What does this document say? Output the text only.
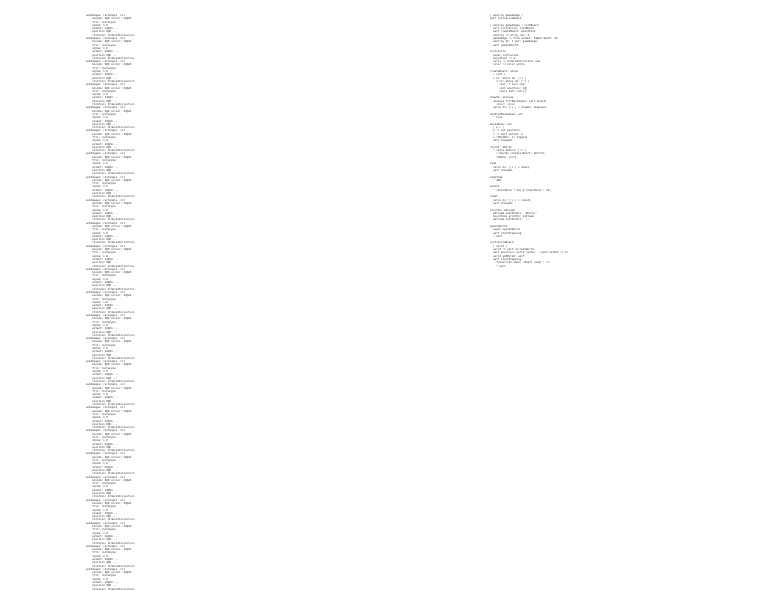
subImages: rectangle  nil
bounds: 0@0 corner: 24@24
fill: rectangle
alpha: 1.0
extent: 24@24 ...
position 0@0 ...
children: OrderedCollection
subImages: rectangle  nil
bounds: 0@0 corner: 24@24
fill: rectangle
alpha: 1.0
extent: 24@24 ...
position 0@0 ...
children: OrderedCollection
subImages: rectangle  nil
bounds: 0@0 corner: 24@24
fill: rectangle
alpha: 1.0
extent: 24@24 ...
position 0@0 ...
children: OrderedCollection
subImages: rectangle  nil
bounds: 0@0 corner: 24@24
fill: rectangle
alpha: 1.0
extent: 24@24 ...
position 0@0 ...
children: OrderedCollection
subImages: rectangle  nil
bounds: 0@0 corner: 24@24
fill: rectangle
alpha: 1.0
extent: 24@24 ...
position 0@0 ...
children: OrderedCollection
subImages: rectangle  nil
bounds: 0@0 corner: 24@24
fill: rectangle
alpha: 1.0
extent: 24@24 ...
position 0@0 ...
children: OrderedCollection
subImages: rectangle  nil
bounds: 0@0 corner: 24@24
fill: rectangle
alpha: 1.0
extent: 24@24 ...
position 0@0 ...
children: OrderedCollection
subImages: rectangle  nil
bounds: 0@0 corner: 24@24
fill: rectangle
alpha: 1.0
extent: 24@24 ...
position 0@0 ...
children: OrderedCollection
subImages: rectangle  nil
bounds: 0@0 corner: 24@24
fill: rectangle
alpha: 1.0
extent: 24@24 ...
position 0@0 ...
children: OrderedCollection
subImages: rectangle  nil
bounds: 0@0 corner: 24@24
fill: rectangle
alpha: 1.0
extent: 24@24 ...
position 0@0 ...
children: OrderedCollection
subImages: rectangle  nil
bounds: 0@0 corner: 24@24
fill: rectangle
alpha: 1.0
extent: 24@24 ...
position 0@0 ...
children: OrderedCollection
subImages: rectangle  nil
bounds: 0@0 corner: 24@24
fill: rectangle
alpha: 1.0
extent: 24@24 ...
position 0@0 ...
children: OrderedCollection
subImages: rectangle  nil
bounds: 0@0 corner: 24@24
fill: rectangle
alpha: 1.0
extent: 24@24 ...
position 0@0 ...
children: OrderedCollection
subImages: rectangle  nil
bounds: 0@0 corner: 24@24
fill: rectangle
alpha: 1.0
extent: 24@24 ...
position 0@0 ...
children: OrderedCollection
subImages: rectangle  nil
bounds: 0@0 corner: 24@24
fill: rectangle
alpha: 1.0
extent: 24@24 ...
position 0@0 ...
children: OrderedCollection
subImages: rectangle  nil
bounds: 0@0 corner: 24@24
fill: rectangle
alpha: 1.0
extent: 24@24 ...
position 0@0 ...
children: OrderedCollection
subImages: rectangle  nil
bounds: 0@0 corner: 24@24
fill: rectangle
alpha: 1.0
extent: 24@24 ...
position 0@0 ...
children: OrderedCollection
subImages: rectangle  nil
bounds: 0@0 corner: 24@24
fill: rectangle
alpha: 1.0
extent: 24@24 ...
position 0@0 ...
children: OrderedCollection
subImages: rectangle  nil
bounds: 0@0 corner: 24@24
fill: rectangle
alpha: 1.0
extent: 24@24 ...
position 0@0 ...
children: OrderedCollection
subImages: rectangle  nil
bounds: 0@0 corner: 24@24
fill: rectangle
alpha: 1.0
extent: 24@24 ...
position 0@0 ...
children: OrderedCollection
subImages: rectangle  nil
bounds: 0@0 corner: 24@24
fill: rectangle
alpha: 1.0
extent: 24@24 ...
position 0@0 ...
children: OrderedCollection
subImages: rectangle  nil
bounds: 0@0 corner: 24@24
fill: rectangle
alpha: 1.0
extent: 24@24 ...
position 0@0 ...
children: OrderedCollection
subImages: rectangle  nil
bounds: 0@0 corner: 24@24
fill: rectangle
alpha: 1.0
extent: 24@24 ...
position 0@0 ...
children: OrderedCollection
subImages: rectangle  nil
bounds: 0@0 corner: 24@24
fill: rectangle
alpha: 1.0
extent: 24@24 ...
position 0@0 ...
children: OrderedCollection
subImages: rectangle  nil
bounds: 0@0 corner: 24@24
fill: rectangle
alpha: 1.0
extent: 24@24 ...
position 0@0 ...
children: OrderedCollection
| anArray gameImage |
self initializeBoard.
| anArray gameImage | initBoard
self initialize. initBoard
self createBoard: boardSize
anArray := Array new: 3.
gameImage := Form extent: 24@24 depth: 32.
anArray at: 1 put: gameImage.
self openInWorld.
initialize
super initialize.
boardSize := 3.
cells := OrderedCollection new.
color := Color white.
createBoard: aSize
| cell |
1 to: aSize do: [:i |
1 to: aSize do: [:j |
cell := Cell new.
cell position: i@j.
cells add: cell]].
drawOn: aCanvas
aCanvas fillRectangle: self bounds
color: color.
cells do: [:c | c drawOn: aCanvas].
handlesMouseDown: evt
^ true
mouseDown: evt
| p c |
p := evt position.
c := self cellAt: p.
c ifNotNil: [c toggle].
self changed.
cellAt: aPoint
^ cells detect: [:c |
c bounds containsPoint: aPoint]
ifNone: [nil].
step
cells do: [:c | c step].
self changed.
stepTime
^ 200
extent
^ (boardSize * 24) @ (boardSize * 24)
reset
cells do: [:c | c reset].
self changed.
printOn: aStream
aStream nextPutAll: 'Board('.
boardSize printOn: aStream.
aStream nextPutAll: ')'.
openInWorld
super openInWorld.
self startStepping.
^ self
initializeBoard
| world |
world := self currentWorld.
self position: world center - (self extent // 2).
world addMorph: self.
self startStepping.
Transcript show: 'Board ready'; cr.
^ self
